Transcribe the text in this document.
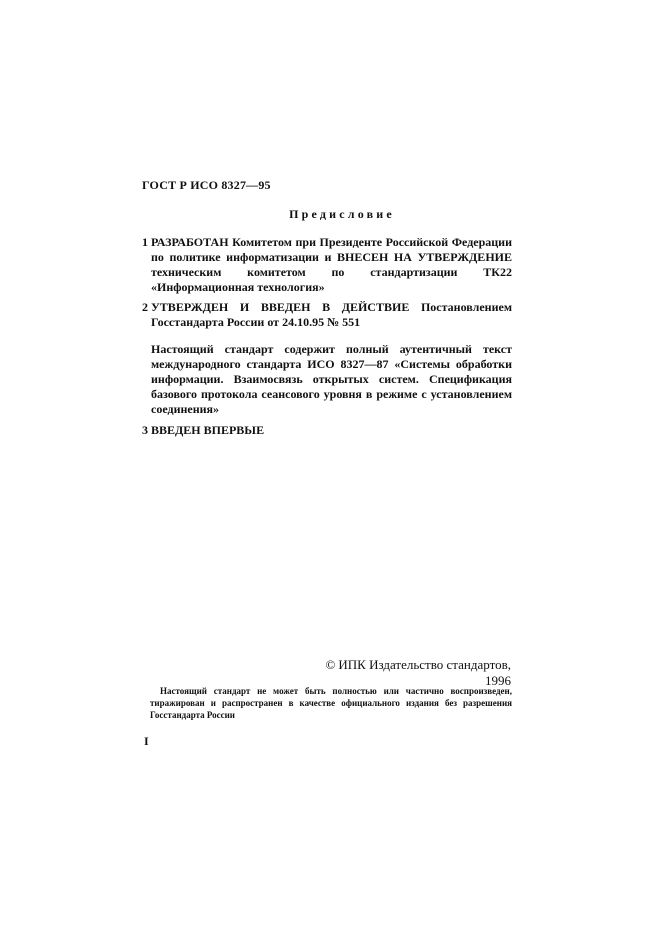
ГОСТ Р ИСО 8327—95
Предисловие
1 РАЗРАБОТАН Комитетом при Президенте Российской Федерации по политике информатизации и ВНЕСЕН НА УТВЕРЖДЕНИЕ техническим комитетом по стандартизации ТК22 «Информационная технология»
2 УТВЕРЖДЕН И ВВЕДЕН В ДЕЙСТВИЕ Постановлением Госстандарта России от 24.10.95 № 551
Настоящий стандарт содержит полный аутентичный текст международного стандарта ИСО 8327—87 «Системы обработки информации. Взаимосвязь открытых систем. Спецификация базового протокола сеансового уровня в режиме с установлением соединения»
3 ВВЕДЕН ВПЕРВЫЕ
© ИПК Издательство стандартов, 1996
Настоящий стандарт не может быть полностью или частично воспроизведен, тиражирован и распространен в качестве официального издания без разрешения Госстандарта России
I
